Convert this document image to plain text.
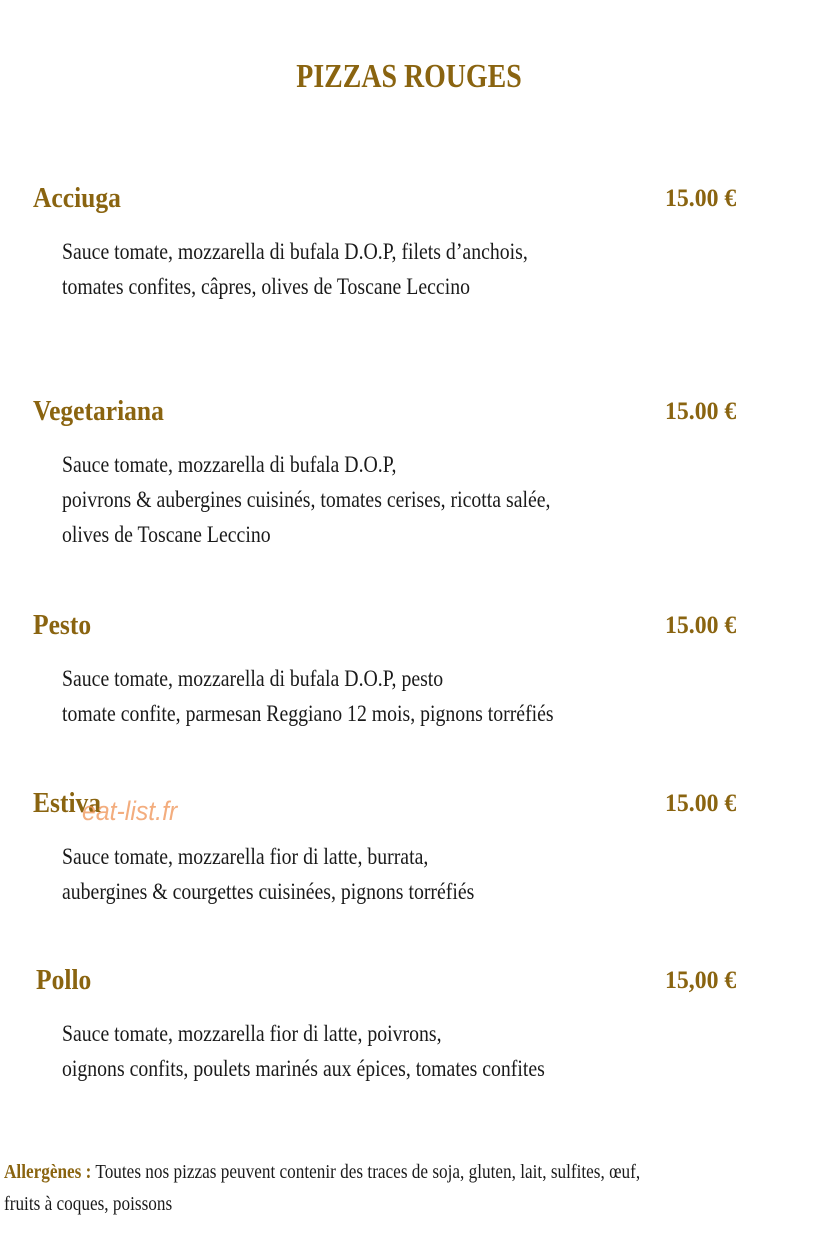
PIZZAS ROUGES
Acciuga	15.00 €
Sauce tomate, mozzarella di bufala D.O.P, filets d’anchois,
tomates confites, câpres, olives de Toscane Leccino
Vegetariana	15.00 €
Sauce tomate, mozzarella di bufala D.O.P,
poivrons & aubergines cuisinés, tomates cerises, ricotta salée,
olives de Toscane Leccino
Pesto	15.00 €
Sauce tomate, mozzarella di bufala D.O.P, pesto
tomate confite, parmesan Reggiano 12 mois, pignons torréfiés
Estiva	15.00 €
Sauce tomate, mozzarella fior di latte, burrata,
aubergines & courgettes cuisinées, pignons torréfiés
Pollo	15,00 €
Sauce tomate, mozzarella fior di latte, poivrons,
oignons confits, poulets marinés aux épices, tomates confites
Allergènes : Toutes nos pizzas peuvent contenir des traces de soja, gluten, lait, sulfites, œuf,
fruits à coques, poissons
eat-list.fr
